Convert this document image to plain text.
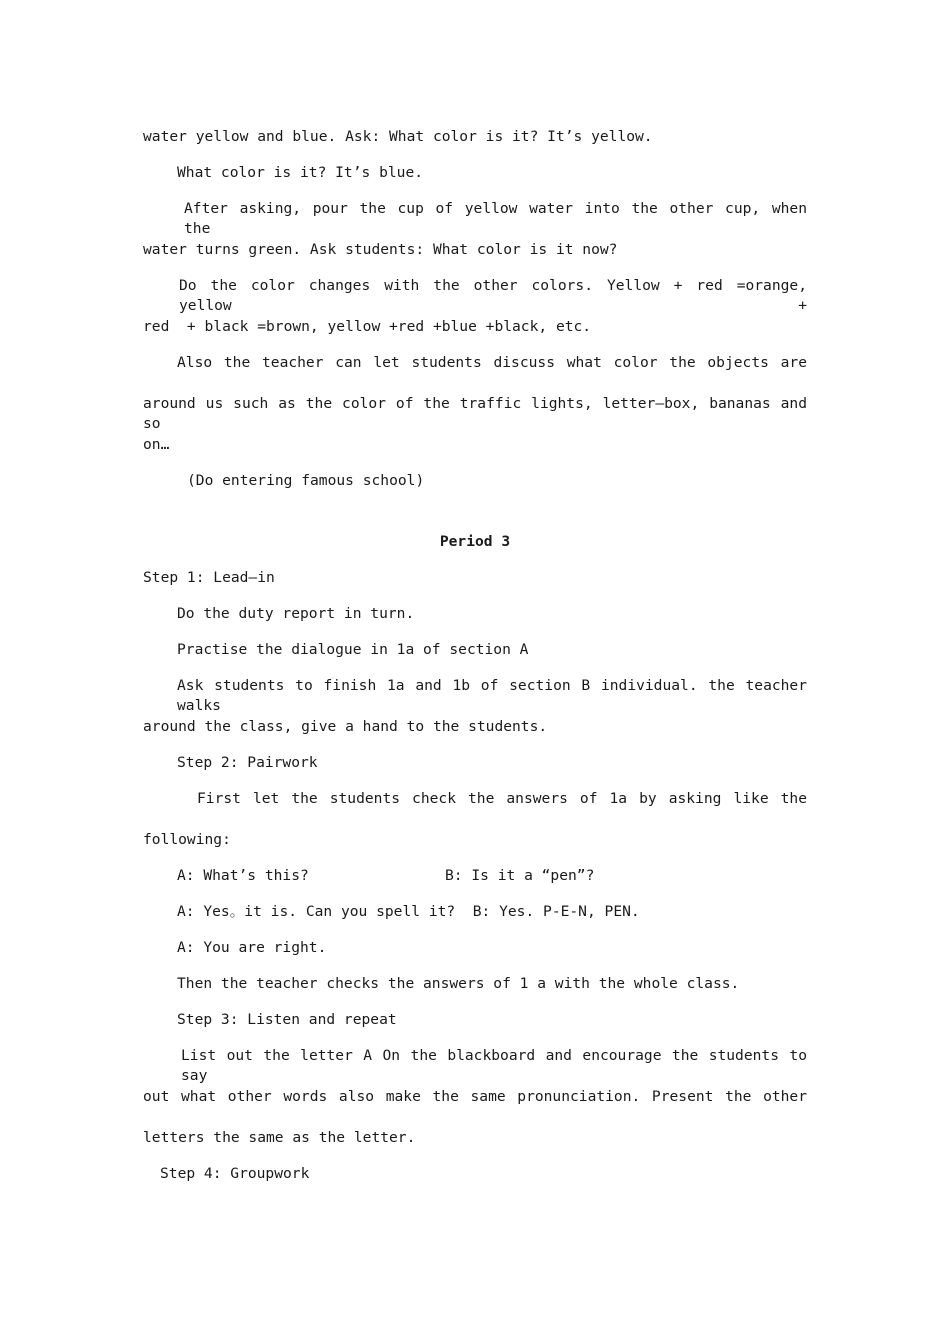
water yellow and blue. Ask: What color is it? It’s yellow.
What color is it? It’s blue.
After asking, pour the cup of yellow water into the other cup, when the
water turns green. Ask students: What color is it now?
Do the color changes with the other colors. Yellow + red =orange, yellow +
red  + black =brown, yellow +red +blue +black, etc.
Also the teacher can let students discuss what color the objects are
around us such as the color of the traffic lights, letter—box, bananas and so
on…
(Do entering famous school)
Period 3
Step 1: Lead—in
Do the duty report in turn.
Practise the dialogue in 1a of section A
Ask students to finish 1a and 1b of section B individual. the teacher walks
around the class, give a hand to the students.
Step 2: Pairwork
First let the students check the answers of 1a by asking like the
following:
A: What’s this?	B: Is it a “pen”?
A: Yes。it is. Can you spell it?  B: Yes. P-E-N, PEN.
A: You are right.
Then the teacher checks the answers of 1 a with the whole class.
Step 3: Listen and repeat
List out the letter A On the blackboard and encourage the students to say
out what other words also make the same pronunciation. Present the other
letters the same as the letter.
Step 4: Groupwork
